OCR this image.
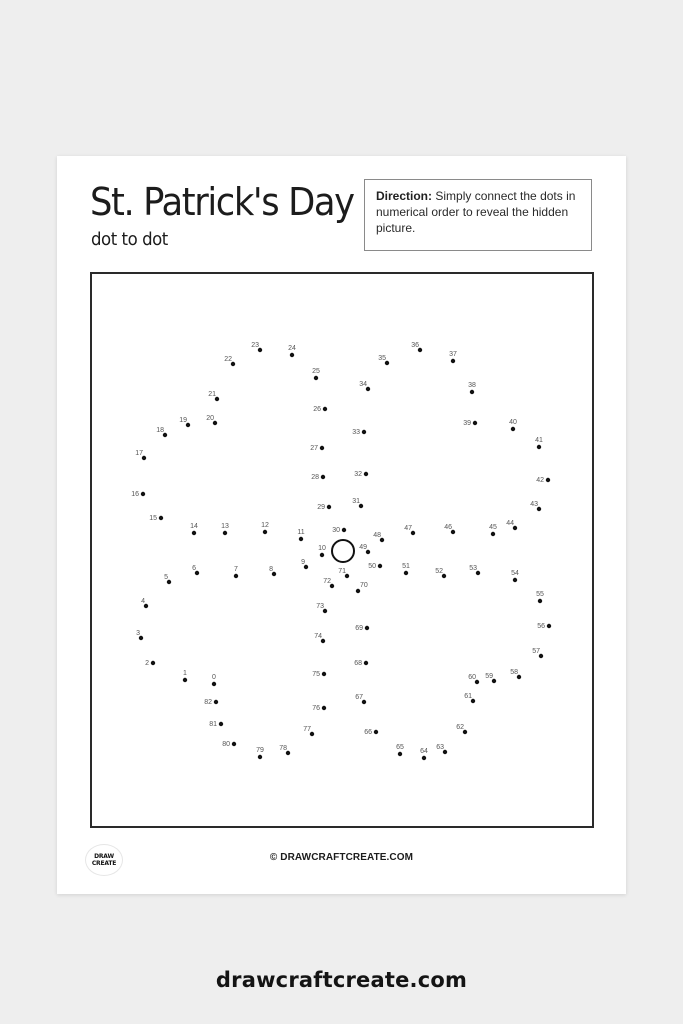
St. Patrick's Day
dot to dot
Direction: Simply connect the dots in numerical order to reveal the hidden picture.
0
1
2
3
4
5
6	7	8
9
10
11
12
13
14
15
16
17
18
19	20
21
22
23	24
25
26
27
28
29
30
31
32
33
34
35
36
37
38
39	40
41
42
43
44
45
46
47
48
49
50	51
52	53
54
55
56
57
58
59
60
61
62
63
64
65
66
67
68
69
70
71
72
73
74
75
76
77
78
79
80
81
82
DRAW
CREATE
© DRAWCRAFTCREATE.COM
drawcraftcreate.com
